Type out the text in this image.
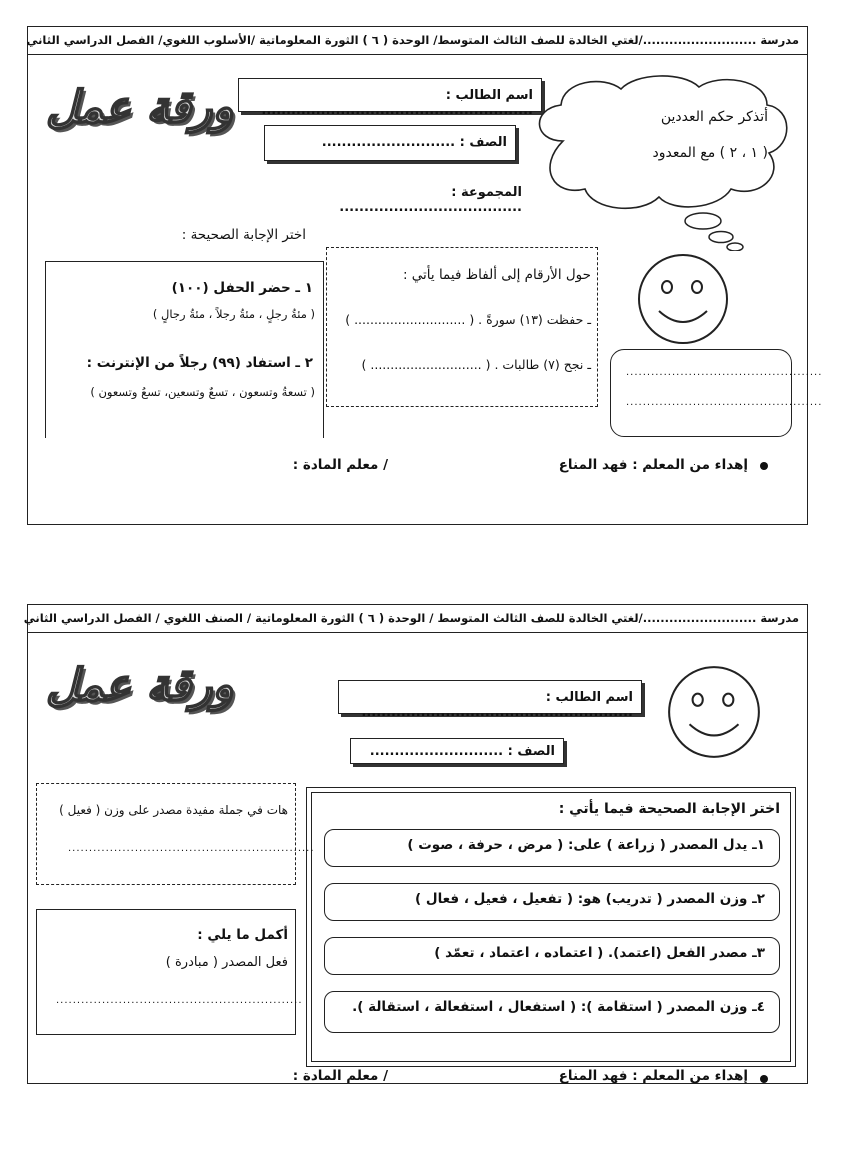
مدرسة ........................../لغتي الخالدة للصف الثالث المتوسط/ الوحدة ( ٦ ) الثورة المعلوماتية /الأسلوب اللغوي/ الفصل الدراسي الثاني
ورقة عمل	اسم الطالب : .......................................................
الصف : ...........................
المجموعة : .....................................
أتذكر حكم العددين
( ١ ، ٢ ) مع المعدود
اختر الإجابة الصحيحة :
١ ـ حضر الحفل (١٠٠)
( مئةُ رجلٍ ، مئةُ رجلاً ، مئةُ رجالٍ )
٢ ـ استفاد (٩٩) رجلاً من الإنترنت :
( تسعةُ وتسعون ، تسعٌ وتسعين، تسعُ وتسعون )
حول الأرقام إلى ألفاظ فيما يأتي :
ـ حفظت (١٣) سورةً . ( ............................ )
ـ نجح (٧) طالبات . ( ............................ )
...............................................
...............................................
إهداء من المعلم : فهد المناع
/ معلم المادة :
مدرسة ........................../لغتي الخالدة للصف الثالث المتوسط / الوحدة ( ٦ ) الثورة المعلوماتية / الصنف اللغوي / الفصل الدراسي الثاني
ورقة عمل	اسم الطالب : .......................................................
الصف : ...........................
اختر الإجابة الصحيحة فيما يأتي :
١ـ يدل المصدر ( زراعة ) على: ( مرض ، حرفة ، صوت )
٢ـ وزن المصدر ( تدريب) هو: ( تفعيل ، فعيل ، فعال )
٣ـ مصدر الفعل (اعتمد). ( اعتماده ، اعتماد ، تعمّد )
٤ـ وزن المصدر ( استقامة ): ( استفعال ، استفعالة ، استقالة ).
هات في جملة مفيدة مصدر على وزن ( فعيل )
...........................................................
أكمل ما يلي :
فعل المصدر ( مبادرة )
...........................................................
إهداء من المعلم : فهد المناع
/ معلم المادة :
